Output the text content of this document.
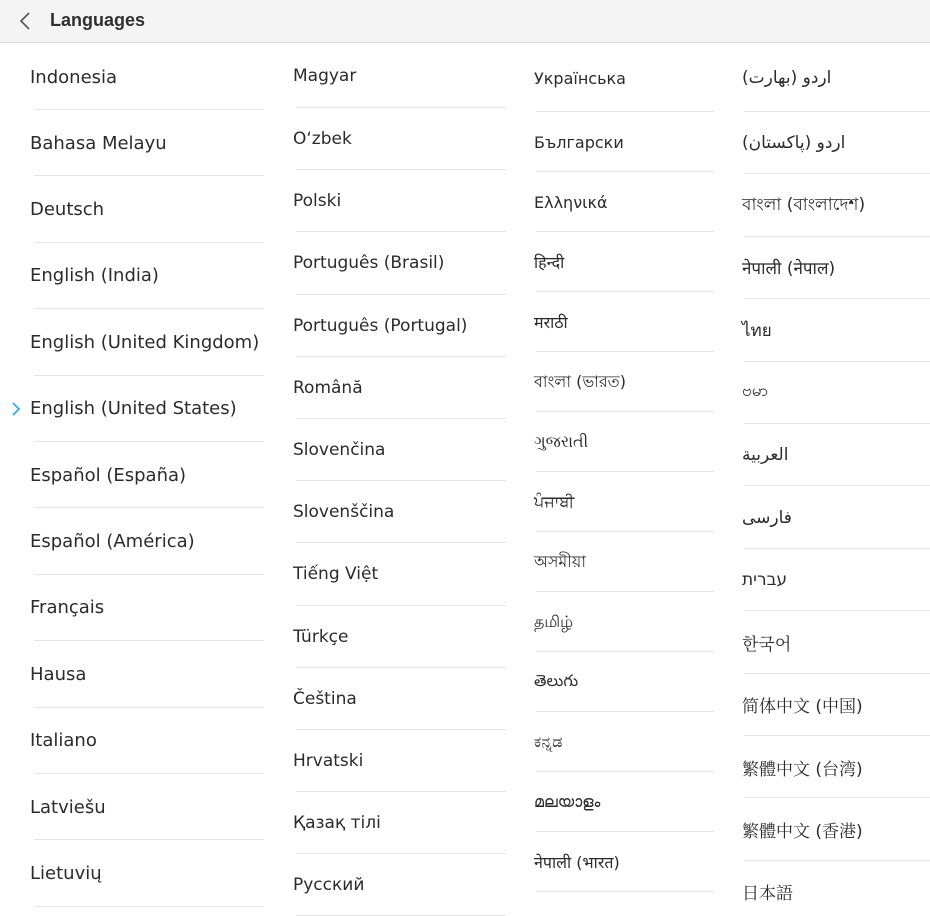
Languages
Indonesia
Bahasa Melayu
Deutsch
English (India)
English (United Kingdom)
English (United States)
Español (España)
Español (América)
Français
Hausa
Italiano
Latviešu
Lietuvių
Magyar
O‘zbek
Polski
Português (Brasil)
Português (Portugal)
Română
Slovenčina
Slovenščina
Tiếng Việt
Türkçe
Čeština
Hrvatski
Қазақ тілі
Русский
Українська
Български
Ελληνικά
हिन्दी
मराठी
বাংলা (ভারত)
ગુજરાતી
ਪੰਜਾਬੀ
অসমীয়া
தமிழ்
తెలుగు
ಕನ್ನಡ
മലയാളം
नेपाली (भारत)
اردو (بھارت)
اردو (پاکستان)
বাংলা (বাংলাদেশ)
नेपाली (नेपाल)
ไทย
ဗမာ
العربية
فارسی
עברית
한국어
简体中文 (中国)
繁體中文 (台湾)
繁體中文 (香港)
日本語
